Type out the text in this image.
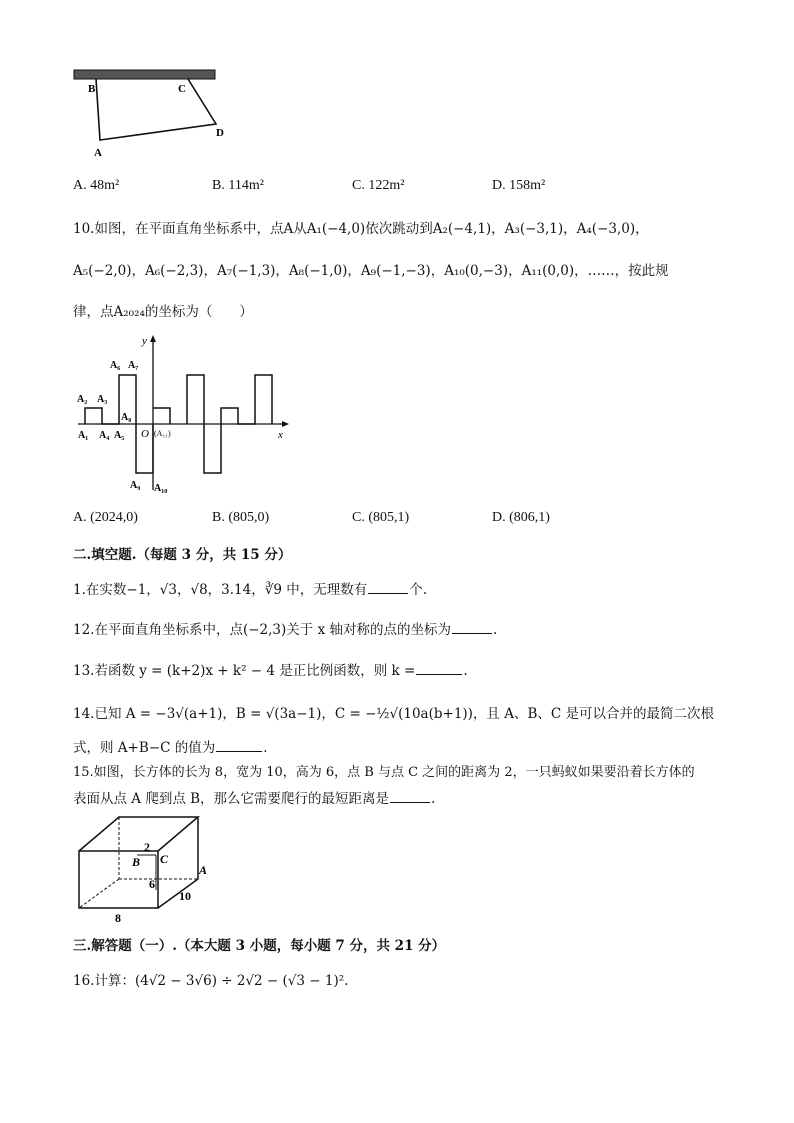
B	C
D
A
A. 48m²	B. 114m²	C. 122m²	D. 158m²
10.如图，在平面直角坐标系中，点A从A₁(−4,0)依次跳动到A₂(−4,1)，A₃(−3,1)，A₄(−3,0)，
A₅(−2,0)，A₆(−2,3)，A₇(−1,3)，A₈(−1,0)，A₉(−1,−3)，A₁₀(0,−3)，A₁₁(0,0)，……，按此规
律，点A₂₀₂₄的坐标为（　　）
y
x
O
A₁
A₂ A₃
A₄ A₅
A₆ A₇
A₈
A₉ A₁₀
(A₁₁)
A. (2024,0)	B. (805,0)	C. (805,1)	D. (806,1)
二.填空题.（每题 3 分，共 15 分）
1.在实数−1，√3，√8，3.14，∛9 中，无理数有	个.
12.在平面直角坐标系中，点(−2,3)关于 x 轴对称的点的坐标为	.
13.若函数 y = (k+2)x + k² − 4 是正比例函数，则 k =	.
14.已知 A = −3√(a+1)，B = √(3a−1)，C = −½√(10a(b+1))，且 A、B、C 是可以合并的最简二次根
式，则 A+B−C 的值为	.
15.如图，长方体的长为 8，宽为 10，高为 6，点 B 与点 C 之间的距离为 2，一只蚂蚁如果要沿着长方体的
表面从点 A 爬到点 B，那么它需要爬行的最短距离是	.
2
B C
A
6
10
8
三.解答题（一）.（本大题 3 小题，每小题 7 分，共 21 分）
16.计算：(4√2 − 3√6) ÷ 2√2 − (√3 − 1)².
